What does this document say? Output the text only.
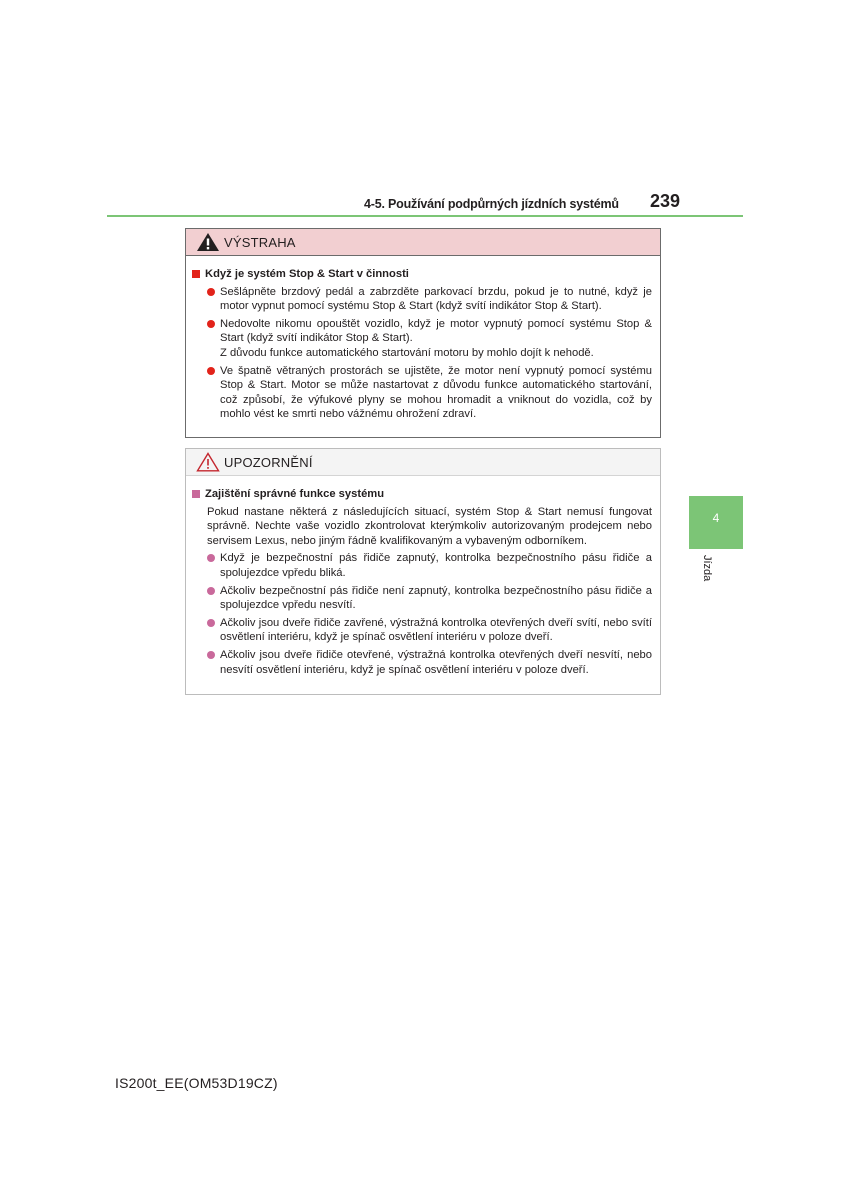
4-5. Používání podpůrných jízdních systémů 239
VÝSTRAHA
Když je systém Stop & Start v činnosti
Sešlápněte brzdový pedál a zabrzděte parkovací brzdu, pokud je to nutné, když je motor vypnut pomocí systému Stop & Start (když svítí indikátor Stop & Start).
Nedovolte nikomu opouštět vozidlo, když je motor vypnutý pomocí systému Stop & Start (když svítí indikátor Stop & Start).
Z důvodu funkce automatického startování motoru by mohlo dojít k nehodě.
Ve špatně větraných prostorách se ujistěte, že motor není vypnutý pomocí systému Stop & Start. Motor se může nastartovat z důvodu funkce automatického startování, což způsobí, že výfukové plyny se mohou hromadit a vniknout do vozidla, což by mohlo vést ke smrti nebo vážnému ohrožení zdraví.
UPOZORNĚNÍ
Zajištění správné funkce systému
Pokud nastane některá z následujících situací, systém Stop & Start nemusí fungovat správně. Nechte vaše vozidlo zkontrolovat kterýmkoliv autorizovaným prodejcem nebo servisem Lexus, nebo jiným řádně kvalifikovaným a vybaveným odborníkem.
Když je bezpečnostní pás řidiče zapnutý, kontrolka bezpečnostního pásu řidiče a spolujezdce vpředu bliká.
Ačkoliv bezpečnostní pás řidiče není zapnutý, kontrolka bezpečnostního pásu řidiče a spolujezdce vpředu nesvítí.
Ačkoliv jsou dveře řidiče zavřené, výstražná kontrolka otevřených dveří svítí, nebo svítí osvětlení interiéru, když je spínač osvětlení interiéru v poloze dveří.
Ačkoliv jsou dveře řidiče otevřené, výstražná kontrolka otevřených dveří nesvítí, nebo nesvítí osvětlení interiéru, když je spínač osvětlení interiéru v poloze dveří.
4
Jízda
IS200t_EE(OM53D19CZ)
